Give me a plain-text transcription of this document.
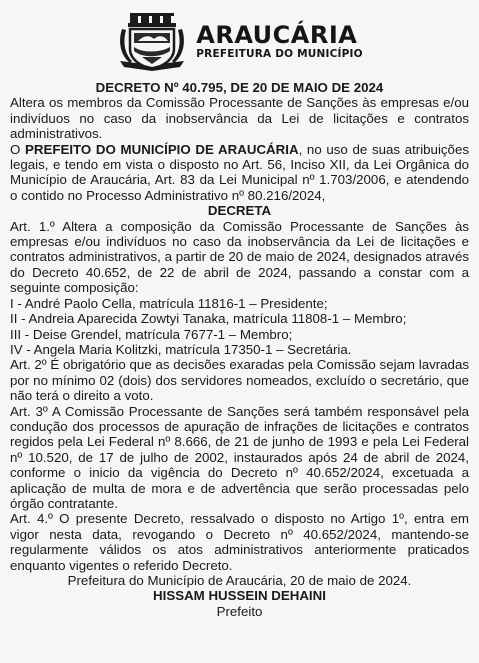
ARAUCÁRIA
PREFEITURA DO MUNICÍPIO

DECRETO Nº 40.795, DE 20 DE MAIO DE 2024

Altera os membros da Comissão Processante de Sanções às empresas e/ou indivíduos no caso da inobservância da Lei de licitações e contratos administrativos.

O PREFEITO DO MUNICÍPIO DE ARAUCÁRIA, no uso de suas atribuições legais, e tendo em vista o disposto no Art. 56, Inciso XII, da Lei Orgânica do Município de Araucária, Art. 83 da Lei Municipal nº 1.703/2006, e atendendo o contido no Processo Administrativo nº 80.216/2024,

DECRETA

Art. 1.º Altera a composição da Comissão Processante de Sanções às empresas e/ou indivíduos no caso da inobservância da Lei de licitações e contratos administrativos, a partir de 20 de maio de 2024, designados através do Decreto 40.652, de 22 de abril de 2024, passando a constar com a seguinte composição:

I - André Paolo Cella, matrícula 11816-1 – Presidente;

II - Andreia Aparecida Zowtyi Tanaka, matrícula 11808-1 – Membro;

III - Deise Grendel, matrícula 7677-1 – Membro;

IV - Angela Maria Kolitzki, matrícula 17350-1 – Secretária.

Art. 2º É obrigatório que as decisões exaradas pela Comissão sejam lavradas por no mínimo 02 (dois) dos servidores nomeados, excluído o secretário, que não terá o direito a voto.

Art. 3º A Comissão Processante de Sanções será também responsável pela condução dos processos de apuração de infrações de licitações e contratos regidos pela Lei Federal nº 8.666, de 21 de junho de 1993 e pela Lei Federal nº 10.520, de 17 de julho de 2002, instaurados após 24 de abril de 2024, conforme o inicio da vigência do Decreto nº 40.652/2024, excetuada a aplicação de multa de mora e de advertência que serão processadas pelo órgão contratante.

Art. 4.º O presente Decreto, ressalvado o disposto no Artigo 1º, entra em vigor nesta data, revogando o Decreto nº 40.652/2024, mantendo-se regularmente válidos os atos administrativos anteriormente praticados enquanto vigentes o referido Decreto.

Prefeitura do Município de Araucária, 20 de maio de 2024.

HISSAM HUSSEIN DEHAINI

Prefeito
